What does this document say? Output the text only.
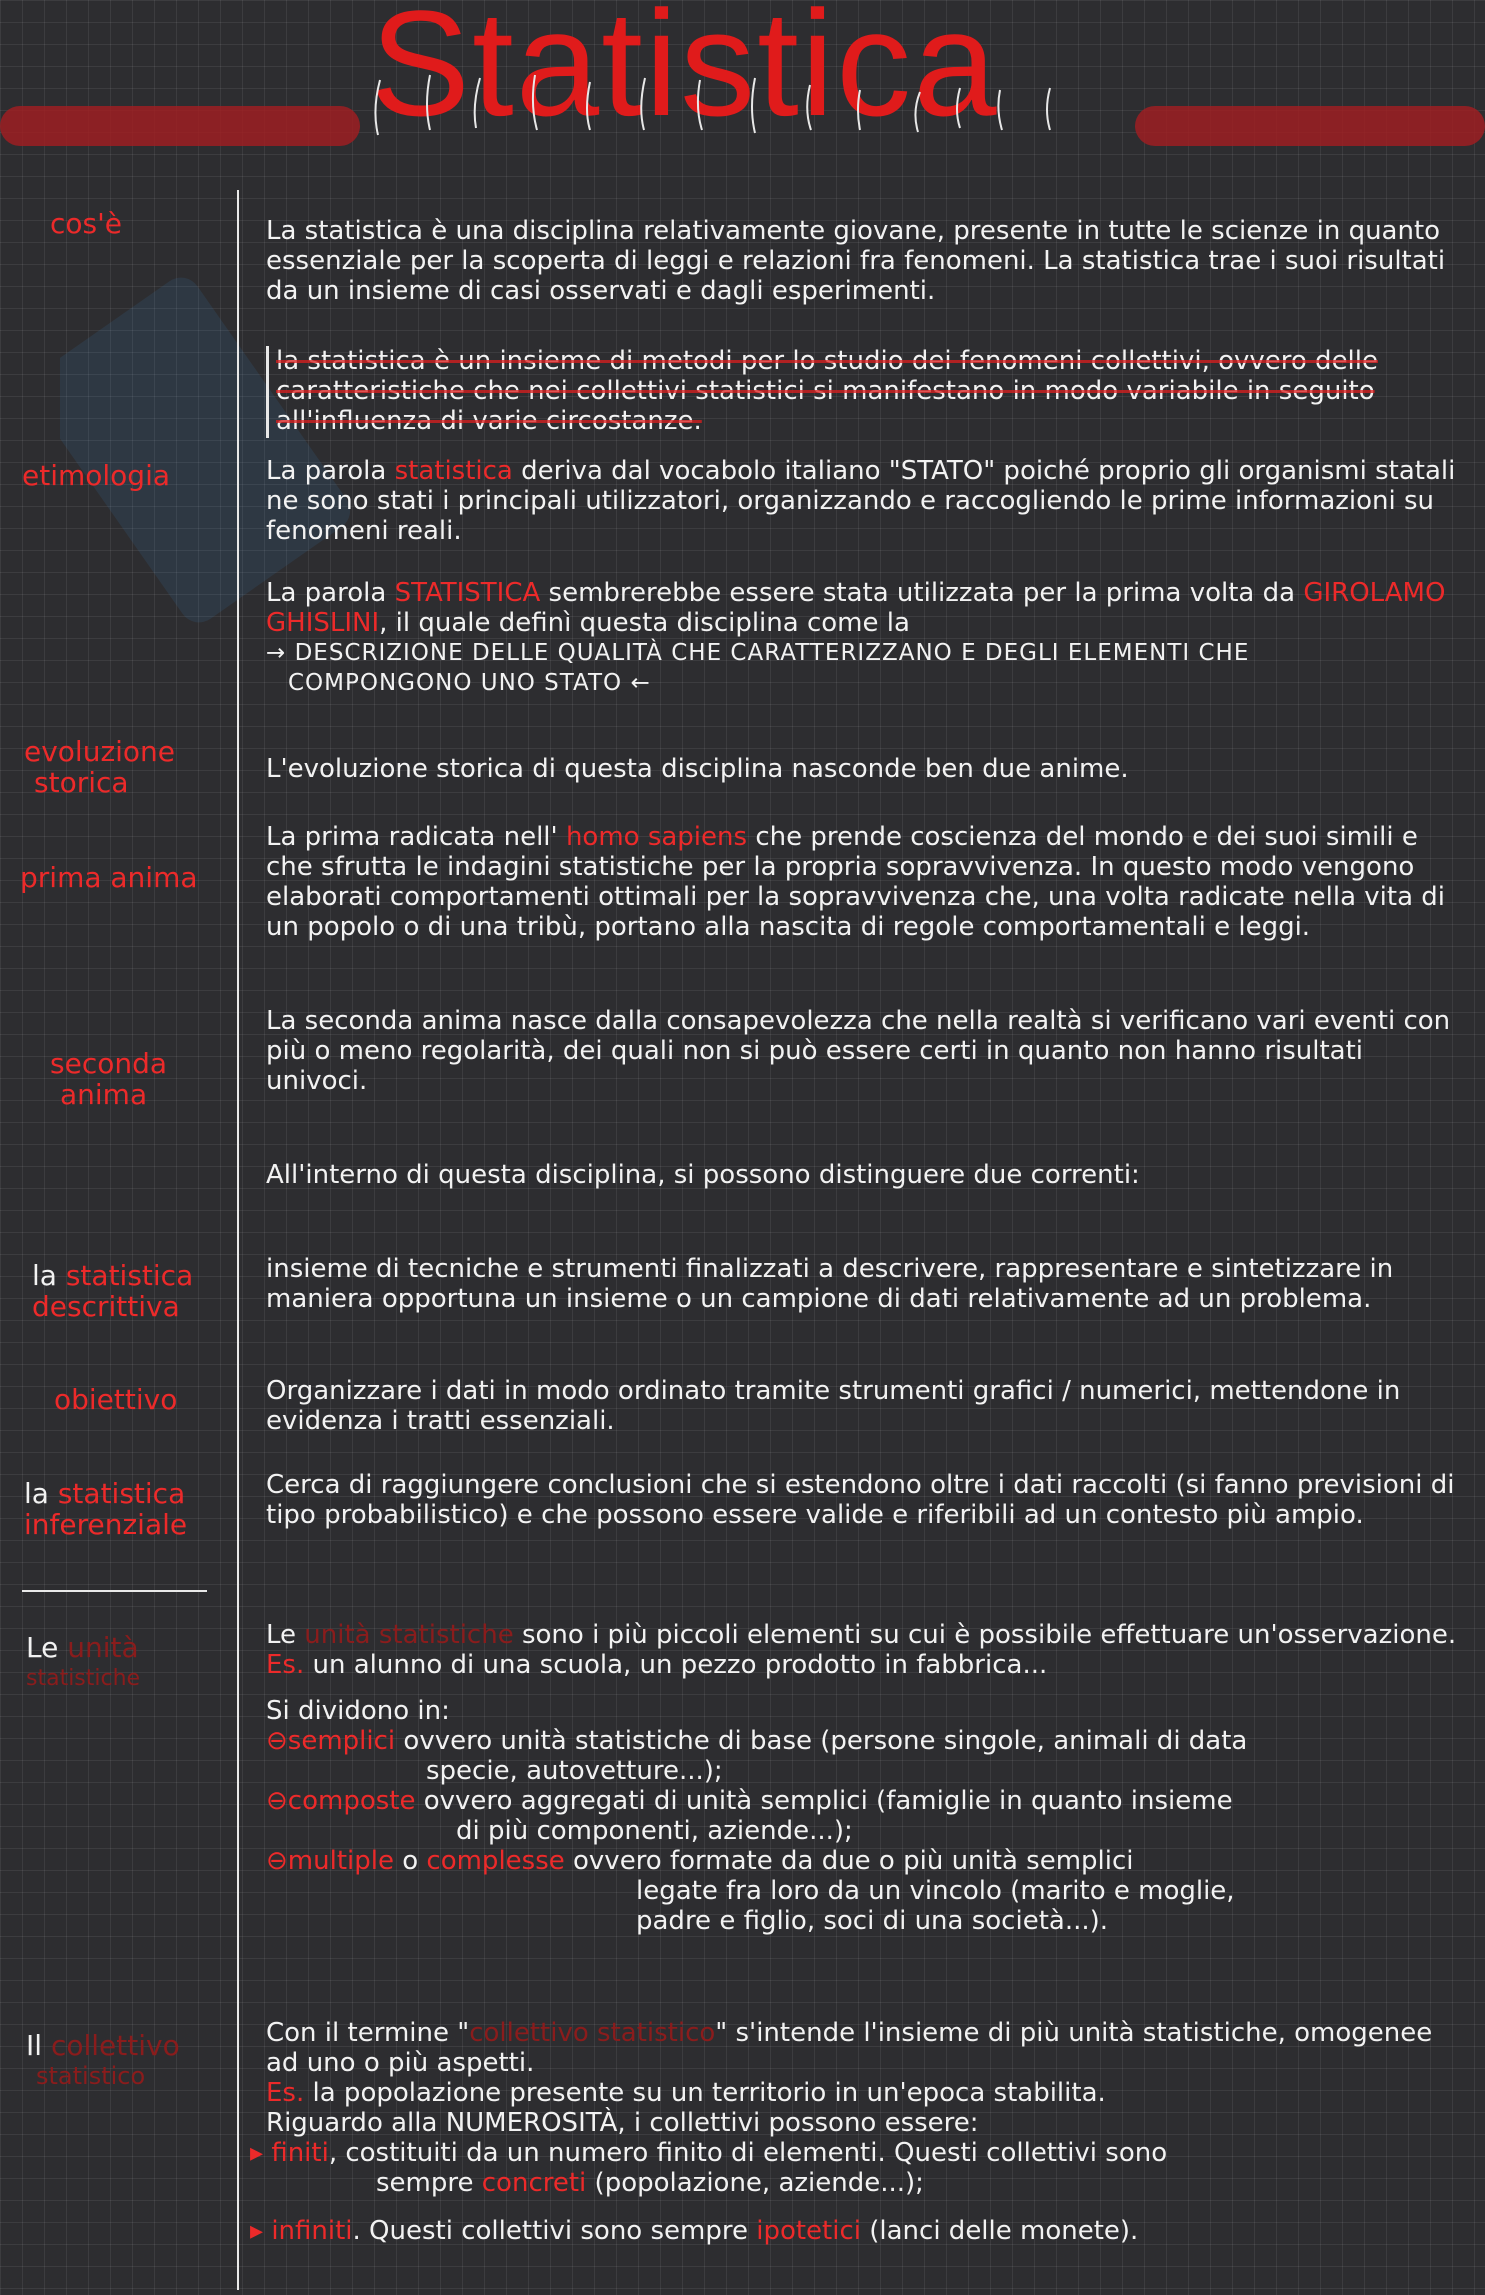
Statistica
cos'è
etimologia
evoluzione
storica
prima anima
seconda
anima
la statistica
descrittiva
obiettivo
la statistica
inferenziale
Le unità
statistiche
Il collettivo
statistico
La statistica è una disciplina relativamente giovane, presente in tutte le scienze in quanto essenziale per la scoperta di leggi e relazioni fra fenomeni. La statistica trae i suoi risultati da un insieme di casi osservati e dagli esperimenti.
la statistica è un insieme di metodi per lo studio dei fenomeni collettivi, ovvero delle caratteristiche che nei collettivi statistici si manifestano in modo variabile in seguito all'influenza di varie circostanze.
La parola statistica deriva dal vocabolo italiano "STATO" poiché proprio gli organismi statali ne sono stati i principali utilizzatori, organizzando e raccogliendo le prime informazioni su fenomeni reali.

La parola STATISTICA sembrerebbe essere stata utilizzata per la prima volta da GIROLAMO GHISLINI, il quale definì questa disciplina come la

→ DESCRIZIONE DELLE QUALITÀ CHE CARATTERIZZANO E DEGLI ELEMENTI CHE

COMPONGONO UNO STATO ←

L'evoluzione storica di questa disciplina nasconde ben due anime.
La prima radicata nell' homo sapiens che prende coscienza del mondo e dei suoi simili e che sfrutta le indagini statistiche per la propria sopravvivenza. In questo modo vengono elaborati comportamenti ottimali per la sopravvivenza che, una volta radicate nella vita di un popolo o di una tribù, portano alla nascita di regole comportamentali e leggi.
La seconda anima nasce dalla consapevolezza che nella realtà si verificano vari eventi con più o meno regolarità, dei quali non si può essere certi in quanto non hanno risultati univoci.
All'interno di questa disciplina, si possono distinguere due correnti:
insieme di tecniche e strumenti finalizzati a descrivere, rappresentare e sintetizzare in maniera opportuna un insieme o un campione di dati relativamente ad un problema.
Organizzare i dati in modo ordinato tramite strumenti grafici / numerici, mettendone in evidenza i tratti essenziali.
Cerca di raggiungere conclusioni che si estendono oltre i dati raccolti (si fanno previsioni di tipo probabilistico) e che possono essere valide e riferibili ad un contesto più ampio.

Le unità statistiche sono i più piccoli elementi su cui è possibile effettuare un'osservazione.

Es. un alunno di una scuola, un pezzo prodotto in fabbrica...

Si dividono in:

⊖semplici ovvero unità statistiche di base (persone singole, animali di data

specie, autovetture...);

⊖composte ovvero aggregati di unità semplici (famiglie in quanto insieme

di più componenti, aziende...);

⊖multiple o complesse ovvero formate da due o più unità semplici

legate fra loro da un vincolo (marito e moglie,

padre e figlio, soci di una società...).

Con il termine "collettivo statistico" s'intende l'insieme di più unità statistiche, omogenee ad uno o più aspetti.

Es. la popolazione presente su un territorio in un'epoca stabilita.

Riguardo alla NUMEROSITÀ, i collettivi possono essere:

▸ finiti, costituiti da un numero finito di elementi. Questi collettivi sono

sempre concreti (popolazione, aziende...);

▸ infiniti. Questi collettivi sono sempre ipotetici (lanci delle monete).
